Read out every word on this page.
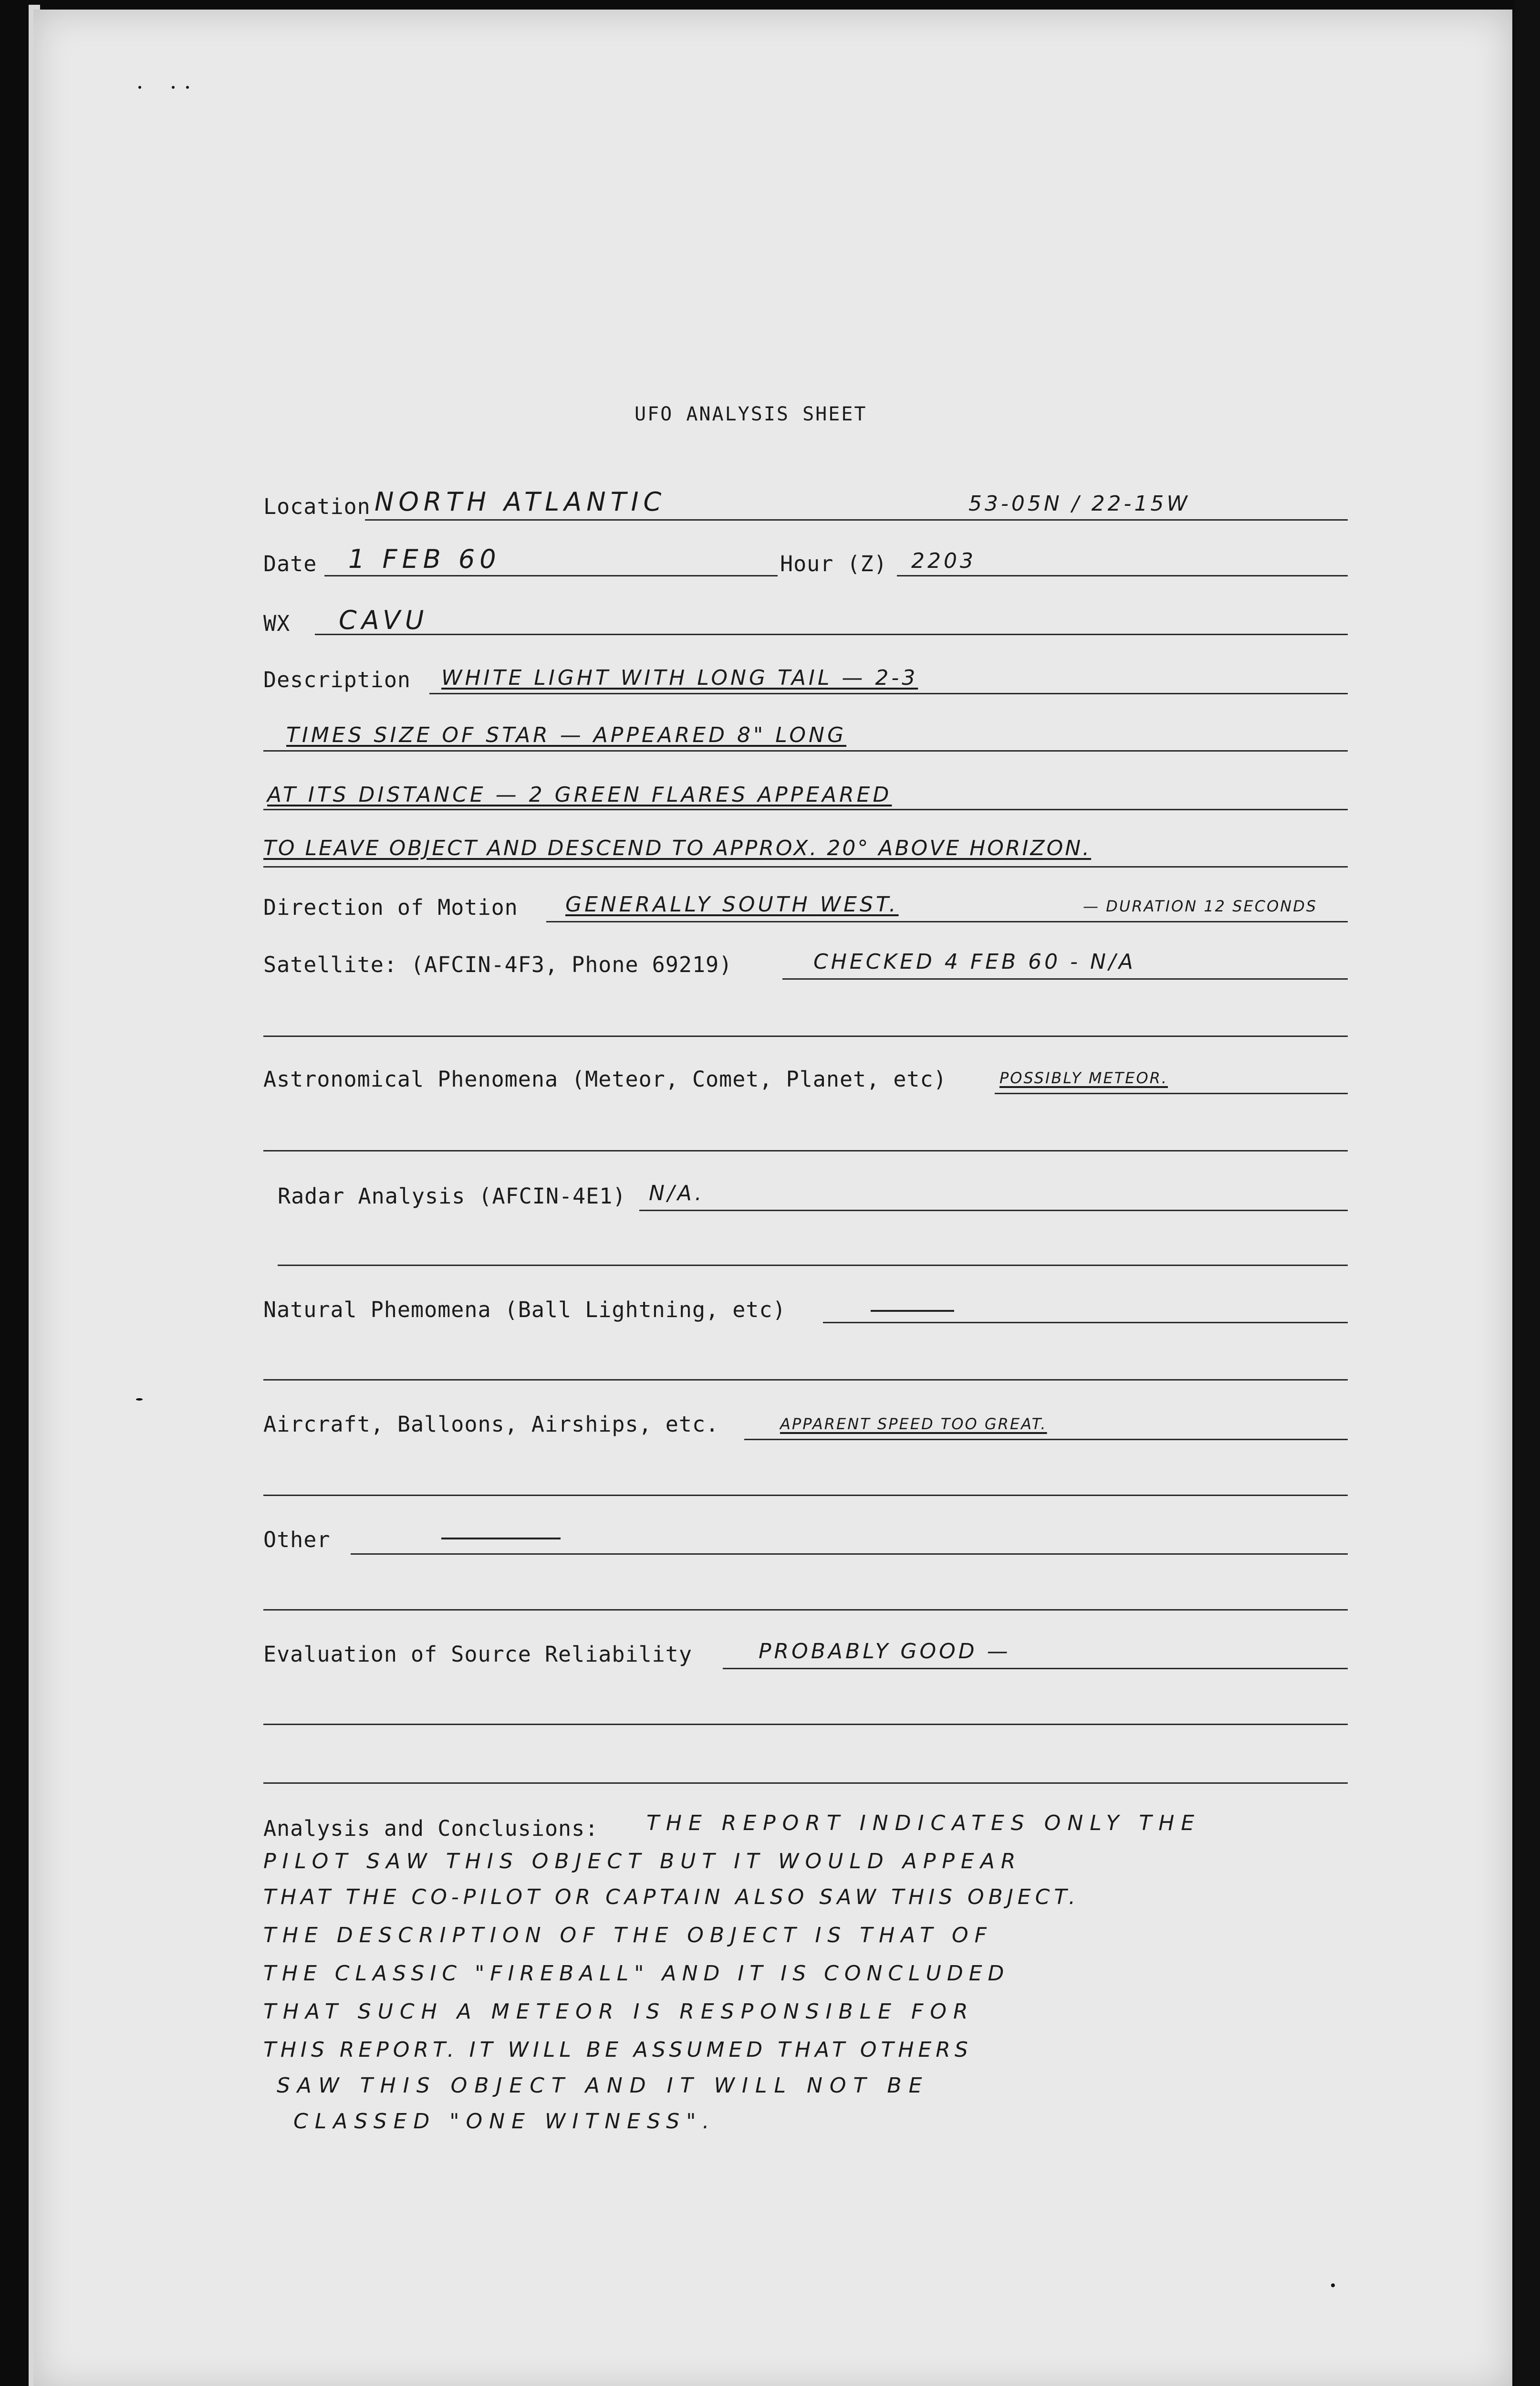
UFO ANALYSIS SHEET
Location NORTH ATLANTIC	53-05N / 22-15W
Date 1 FEB 60	Hour (Z) 2203
WX CAVU
Description WHITE LIGHT WITH LONG TAIL — 2-3
TIMES SIZE OF STAR — APPEARED 8" LONG
AT ITS DISTANCE — 2 GREEN FLARES APPEARED
TO LEAVE OBJECT AND DESCEND TO APPROX. 20° ABOVE HORIZON.
Direction of Motion GENERALLY SOUTH WEST.	— DURATION 12 SECONDS
Satellite: (AFCIN-4F3, Phone 69219)	CHECKED 4 FEB 60 - N/A
Astronomical Phenomena (Meteor, Comet, Planet, etc)	POSSIBLY METEOR.
Radar Analysis (AFCIN-4E1) N/A.
Natural Phemomena (Ball Lightning, etc)
Aircraft, Balloons, Airships, etc.	APPARENT SPEED TOO GREAT.
Other
Evaluation of Source Reliability	PROBABLY GOOD —
Analysis and Conclusions: THE REPORT INDICATES ONLY THE
PILOT SAW THIS OBJECT BUT IT WOULD APPEAR
THAT THE CO-PILOT OR CAPTAIN ALSO SAW THIS OBJECT.
THE DESCRIPTION OF THE OBJECT IS THAT OF
THE CLASSIC "FIREBALL" AND IT IS CONCLUDED
THAT SUCH A METEOR IS RESPONSIBLE FOR
THIS REPORT. IT WILL BE ASSUMED THAT OTHERS
SAW THIS OBJECT AND IT WILL NOT BE
CLASSED "ONE WITNESS".
